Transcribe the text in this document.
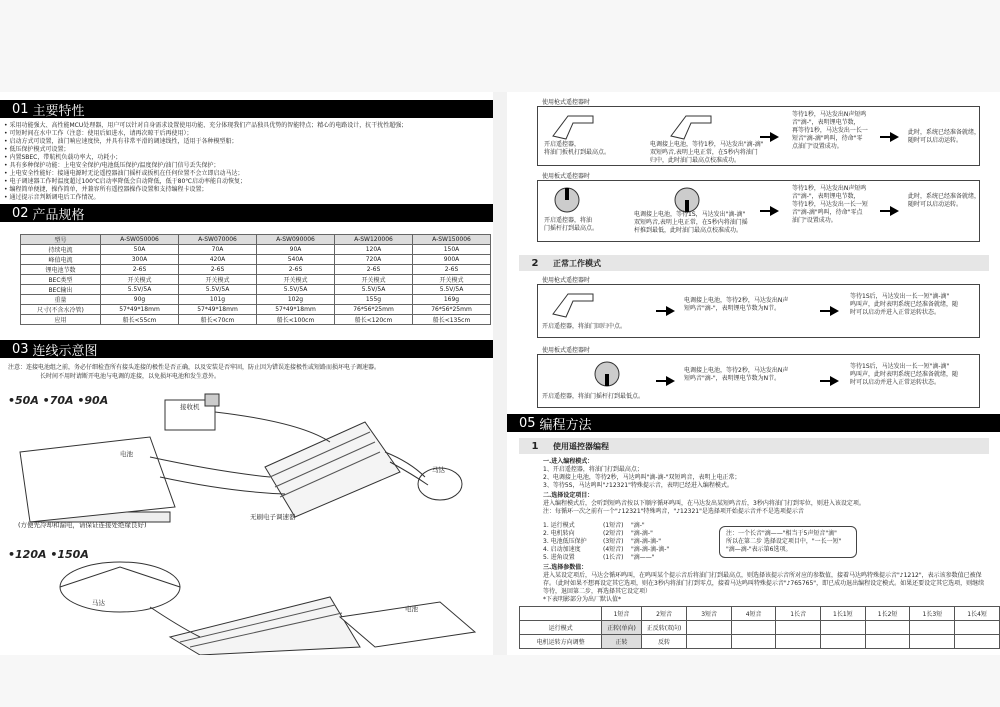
01 主要特性
• 采用功能强大、高性能MCU处理器，用户可以针对自身需求设置使用功能、充分体现我们产品独具优势的智能特点；精心的电路设计，抗干扰性超强；
• 可短时间在水中工作（注意：使用后如进水，请再次晾干后再使用）；
• 启动方式可设置，油门响应速度快，并具有非常平滑的调速线性，适用于各种模型船；
• 低压保护模式可设置；
• 内置SBEC，带航机负载功率大，功耗小；
• 具有多种保护功能：上电安全保护/电池低压保护/温度保护/油门信号丢失保护；
• 上电安全性能好：接通电源时无论遥控器油门摇杆或扳机在任何位置不会立即启动马达；
• 电子调速器工作时温度超过100℃启动率降低会自动降低，低于80℃启动率能自动恢复；
• 编程简单便捷，操作简单，并兼容所有遥控器操作设置和支持编程卡设置；
• 通过提示音判断调电后工作情况。
02 产品规格
型号	A-SW050006	A-SW070006	A-SW090006	A-SW120006	A-SW150006
持续电流	50A	70A	90A	120A	150A
峰值电流	300A	420A	540A	720A	900A
锂电池节数	2-6S	2-6S	2-6S	2-6S	2-6S
BEC类型	开关模式	开关模式	开关模式	开关模式	开关模式
BEC输出	5.5V/5A	5.5V/5A	5.5V/5A	5.5V/5A	5.5V/5A
重量	90g	101g	102g	155g	169g
尺寸(不含水冷管)	57*49*18mm	57*49*18mm	57*49*18mm	76*56*25mm	76*56*25mm
应用	船长<55cm	船长<70cm	船长<100cm	船长<120cm	船长<135cm
03 连线示意图
注意：连接电池组之前，务必仔细检查所有接头连接的极性是否正确，以及安装是否牢固，防止因为错误连接极性或短路而损坏电子调速器。
长时间不用时请断开电池与电调的连接，以免损坏电池和发生意外。
•50A •70A •90A	接收机
电池
马达
无刷电子调速器
(方便先冷却和漏电，请保证连接处绝缘良好)
•120A •150A
马达
电池
使用枪式遥控器时
开启遥控器，
将油门扳机打到最高点。
电调接上电池，等待1秒，马达发出"滴-滴"
双短鸣音,表明上电正常，在5秒内将油门
归中，此时油门最高点校准成功。
等待1秒，马达发出N声短鸣
音"滴-"，表明锂电节数，
再等待1秒，马达发出一长一
短音"滴-滴"鸣叫，待命"零
点油门"设置成功。
此时，系统已经准备就绪，
随时可以启动运转。
使用板式遥控器时
开启遥控器，将油
门摇杆打到最高点。
电调接上电池，等待1S，马达发出"滴-滴"
双短鸣音,表明上电正常，在5秒内将油门摇
杆推到最低，此时油门最高点校准成功。
等待1秒，马达发出N声短鸣
音"滴-"，表明锂电节数，
等待1秒，马达发出一长一短
音"滴-滴"鸣叫，待命"零点
油门"设置成功。
此时，系统已经准备就绪，
随时可以启动运转。
2	正常工作模式
使用枪式遥控器时
开启遥控器，将油门回归中点。
电调接上电池，等待2秒，马达发出N声
短鸣音"滴-"，表明锂电节数为N节。
等待1S后，马达发出一长一短"滴-滴"
鸣叫声，此时表明系统已经准备就绪，随
时可以启动并进入正常运转状态。
使用板式遥控器时
开启遥控器，将油门摇杆打到最低点。
电调接上电池，等待2秒，马达发出N声
短鸣音"滴-"，表明锂电节数为N节。
等待1S后，马达发出一长一短"滴-滴"
鸣叫声，此时表明系统已经准备就绪，随
时可以启动并进入正常运转状态。
05 编程方法
1	使用遥控器编程
一.进入编程模式：
1、开启遥控器，将油门打到最高点；
2、电调接上电池，等待2秒，马达鸣叫"滴-滴-"双短鸣音，表明上电正常；
3、等待5S，马达鸣叫"♪12321"特殊提示音，表明已经进入编程模式。
二.选择设定项目：
进入编程模式后，会听到短鸣音按以下顺序循环鸣叫，在马达发出某短鸣音后，3秒内将油门打到零位，则进入该设定项。
注：每循环一次之前有一个"♪12321"特殊鸣音，"♪12321"是选择项开始提示音并不是选项提示音
1. 运行模式	(1短音)	"滴-"
2. 电机转向	(2短音)	"滴-滴-"
3. 电池低压保护	(3短音)	"滴-滴-滴-"
4. 启动加速度	(4短音)	"滴-滴-滴-滴-"
5. 进角设置	(1长音)	"滴——"
注：一个长音"滴——"相当于5声短音"滴"
所以在第二步 选择设定项目中，"一长一短"
"滴—滴-"表示第6选项。
三.选择参数值：
进入某设定项后，马达会循环鸣叫，在鸣叫某个提示音后将油门打到最高点，则选择该提示音所对应的参数值，接着马达鸣特殊提示音"♪1212"，表示该参数值已被保存。（此时如果不想再设定其它选项，则在3秒内将油门打到零点，接着马达鸣叫特殊提示音"♪765765"，即已成功退出编程设定模式。如果还要设定其它选项，则继续等待，退回第二步，再选择其它设定项）
*下表明影部分为出厂默认值*
	1短音	2短音	3短音	4短音	1长音	1长1短	1长2短	1长3短	1长4短
运行模式	正转(单向)	正反转(双向)							
电机运转方向调整	正转	反转							
